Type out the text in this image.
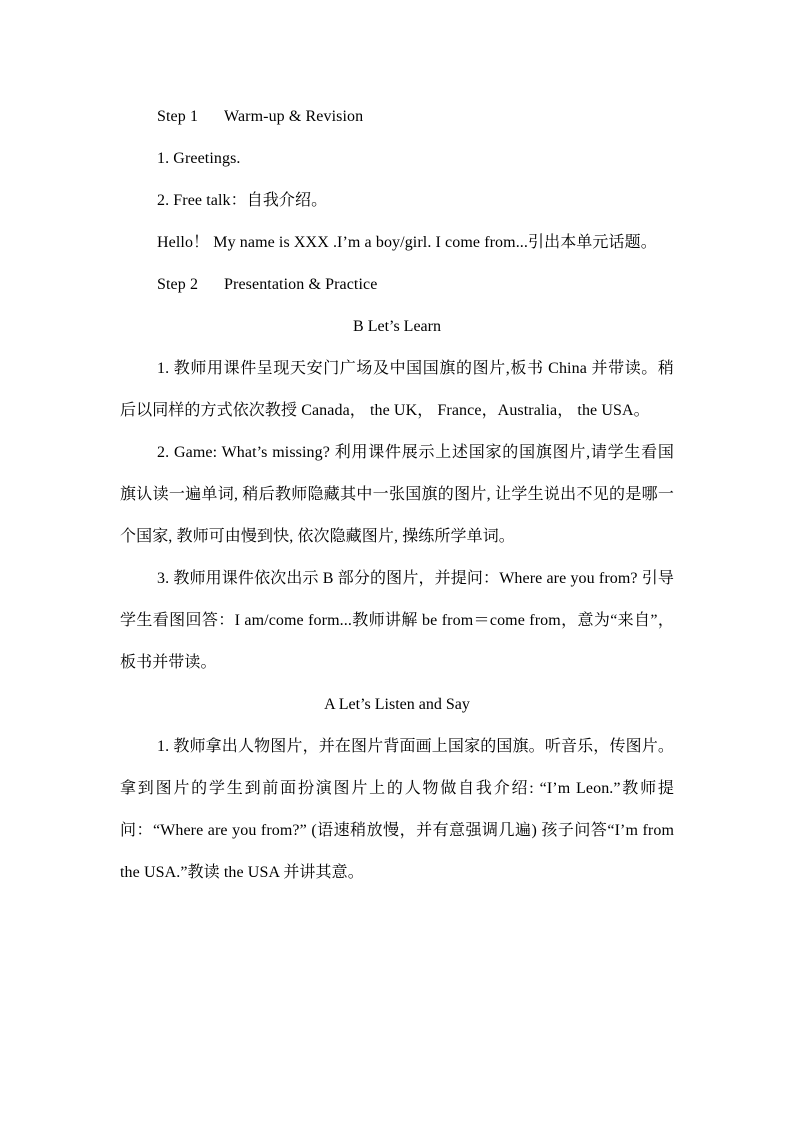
Step 1 Warm-up & Revision

1. Greetings.

2. Free talk：自我介绍。

Hello！ My name is XXX .I’m a boy/girl. I come from...引出本单元话题。

Step 2 Presentation & Practice

B Let’s Learn

1. 教师用课件呈现天安门广场及中国国旗的图片,板书 China 并带读。稍后以同样的方式依次教授 Canada， the UK， France，Australia， the USA。

2. Game: What’s missing? 利用课件展示上述国家的国旗图片,请学生看国旗认读一遍单词, 稍后教师隐藏其中一张国旗的图片, 让学生说出不见的是哪一个国家, 教师可由慢到快, 依次隐藏图片, 操练所学单词。

3. 教师用课件依次出示 B 部分的图片，并提问：Where are you from? 引导学生看图回答：I am/come form...教师讲解 be from＝come from，意为“来自”，板书并带读。

A Let’s Listen and Say

1. 教师拿出人物图片，并在图片背面画上国家的国旗。听音乐，传图片。拿到图片的学生到前面扮演图片上的人物做自我介绍: “I’m Leon.”教师提问：“Where are you from?” (语速稍放慢，并有意强调几遍) 孩子问答“I’m from the USA.”教读 the USA 并讲其意。
